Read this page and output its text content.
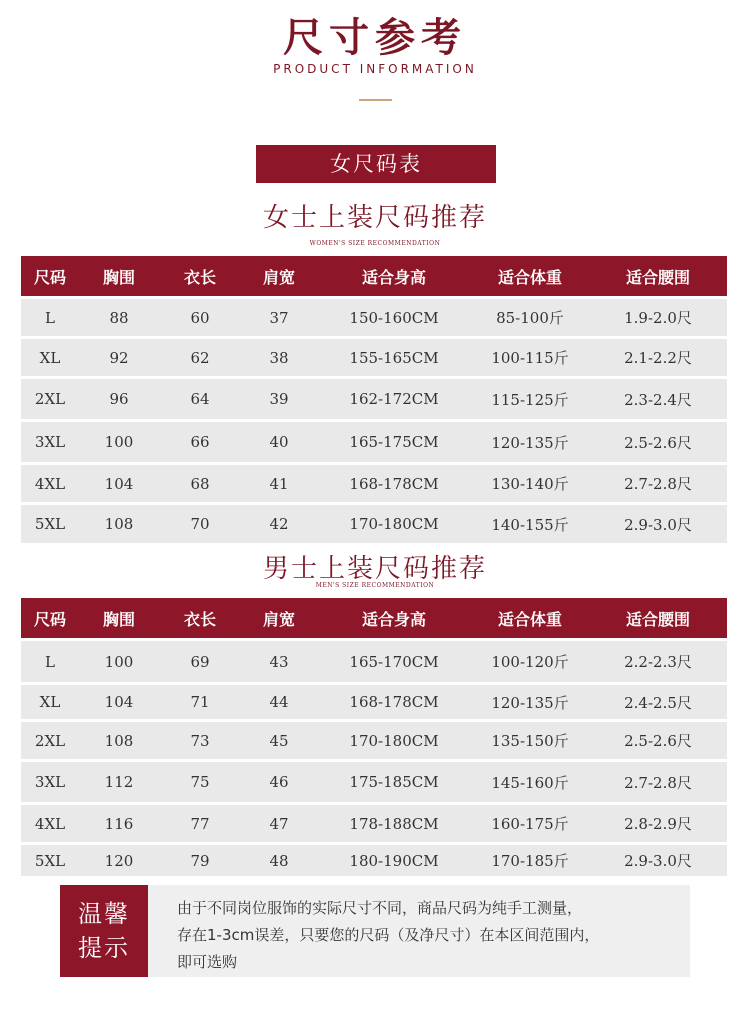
尺寸参考
PRODUCT INFORMATION
女尺码表
女士上装尺码推荐
WOMEN'S SIZE RECOMMENDATION
尺码	胸围	衣长	肩宽	适合身高	适合体重	适合腰围
L	88	60	37	150-160CM	85-100斤	1.9-2.0尺
XL	92	62	38	155-165CM	100-115斤	2.1-2.2尺
2XL	96	64	39	162-172CM	115-125斤	2.3-2.4尺
3XL	100	66	40	165-175CM	120-135斤	2.5-2.6尺
4XL	104	68	41	168-178CM	130-140斤	2.7-2.8尺
5XL	108	70	42	170-180CM	140-155斤	2.9-3.0尺
男士上装尺码推荐
MEN'S SIZE RECOMMENDATION
尺码	胸围	衣长	肩宽	适合身高	适合体重	适合腰围
L	100	69	43	165-170CM	100-120斤	2.2-2.3尺
XL	104	71	44	168-178CM	120-135斤	2.4-2.5尺
2XL	108	73	45	170-180CM	135-150斤	2.5-2.6尺
3XL	112	75	46	175-185CM	145-160斤	2.7-2.8尺
4XL	116	77	47	178-188CM	160-175斤	2.8-2.9尺
5XL	120	79	48	180-190CM	170-185斤	2.9-3.0尺
温馨
提示
由于不同岗位服饰的实际尺寸不同，商品尺码为纯手工测量，
存在1-3cm误差，只要您的尺码（及净尺寸）在本区间范围内，
即可选购
